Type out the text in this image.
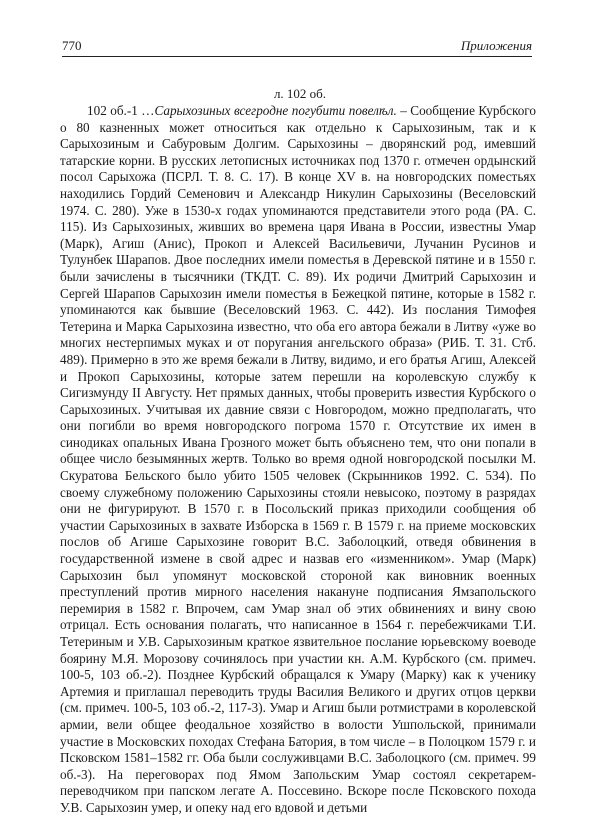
770	Приложения
л. 102 об.

102 об.-1 …Сарыхозиных всегродне погубити повелѣл. – Сообщение Курбского о 80 казненных может относиться как отдельно к Сарыхозиным, так и к Сарыхозиным и Сабуровым Долгим. Сарыхозины – дворянский род, имевший татарские корни. В русских летописных источниках под 1370 г. отмечен ордынский посол Сарыхожа (ПСРЛ. Т. 8. С. 17). В конце XV в. на новгородских поместьях находились Гордий Семенович и Александр Никулин Сарыхозины (Веселовский 1974. С. 280). Уже в 1530-х годах упоминаются представители этого рода (РА. С. 115). Из Сарыхозиных, живших во времена царя Ивана в России, известны Умар (Марк), Агиш (Анис), Прокоп и Алексей Васильевичи, Лучанин Русинов и Тулунбек Шарапов. Двое последних имели поместья в Деревской пятине и в 1550 г. были зачислены в тысячники (ТКДТ. С. 89). Их родичи Дмитрий Сарыхозин и Сергей Шарапов Сарыхозин имели поместья в Бежецкой пятине, которые в 1582 г. упоминаются как бывшие (Веселовский 1963. С. 442). Из послания Тимофея Тетерина и Марка Сарыхозина известно, что оба его автора бежали в Литву «уже во многих нестерпимых муках и от поругания ангельского образа» (РИБ. Т. 31. Стб. 489). Примерно в это же время бежали в Литву, видимо, и его братья Агиш, Алексей и Прокоп Сарыхозины, которые затем перешли на королевскую службу к Сигизмунду II Августу. Нет прямых данных, чтобы проверить известия Курбского о Сарыхозиных. Учитывая их давние связи с Новгородом, можно предполагать, что они погибли во время новгородского погрома 1570 г. Отсутствие их имен в синодиках опальных Ивана Грозного может быть объяснено тем, что они попали в общее число безымянных жертв. Только во время одной новгородской посылки М. Скуратова Бельского было убито 1505 человек (Скрынников 1992. С. 534). По своему служебному положению Сарыхозины стояли невысоко, поэтому в разрядах они не фигурируют. В 1570 г. в Посольский приказ приходили сообщения об участии Сарыхозиных в захвате Изборска в 1569 г. В 1579 г. на приеме московских послов об Агише Сарыхозине говорит В.С. Заболоцкий, отведя обвинения в государственной измене в свой адрес и назвав его «изменником». Умар (Марк) Сарыхозин был упомянут московской стороной как виновник военных преступлений против мирного населения накануне подписания Ямзапольского перемирия в 1582 г. Впрочем, сам Умар знал об этих обвинениях и вину свою отрицал. Есть основания полагать, что написанное в 1564 г. перебежчиками Т.И. Тетериным и У.В. Сарыхозиным краткое язвительное послание юрьевскому воеводе боярину М.Я. Морозову сочинялось при участии кн. А.М. Курбского (см. примеч. 100-5, 103 об.-2). Позднее Курбский обращался к Умару (Марку) как к ученику Артемия и приглашал переводить труды Василия Великого и других отцов церкви (см. примеч. 100-5, 103 об.-2, 117-3). Умар и Агиш были ротмистрами в королевской армии, вели общее феодальное хозяйство в волости Ушпольской, принимали участие в Московских походах Стефана Батория, в том числе – в Полоцком 1579 г. и Псковском 1581–1582 гг. Оба были сослуживцами В.С. Заболоцкого (см. примеч. 99 об.-3). На переговорах под Ямом Запольским Умар состоял секретарем-переводчиком при папском легате А. Поссевино. Вскоре после Псковского похода У.В. Сарыхозин умер, и опеку над его вдовой и детьми
